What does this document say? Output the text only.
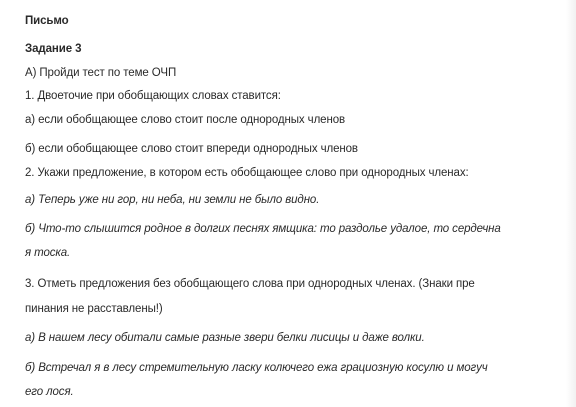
Письмо
Задание 3
А) Пройди тест по теме ОЧП
1. Двоеточие при обобщающих словах ставится:
а) если обобщающее слово стоит после однородных членов
б) если обобщающее слово стоит впереди однородных членов
2. Укажи предложение, в котором есть обобщающее слово при однородных членах:
а) Теперь уже ни гор, ни неба, ни земли не было видно.
б) Что-то слышится родное в долгих песнях ямщика: то раздолье удалое, то сердечна
я тоска.
3. Отметь предложения без обобщающего слова при однородных членах. (Знаки пре
пинания не расставлены!)
а) В нашем лесу обитали самые разные звери белки лисицы и даже волки.
б) Встречал я в лесу стремительную ласку колючего ежа грациозную косулю и могуч
его лося.
